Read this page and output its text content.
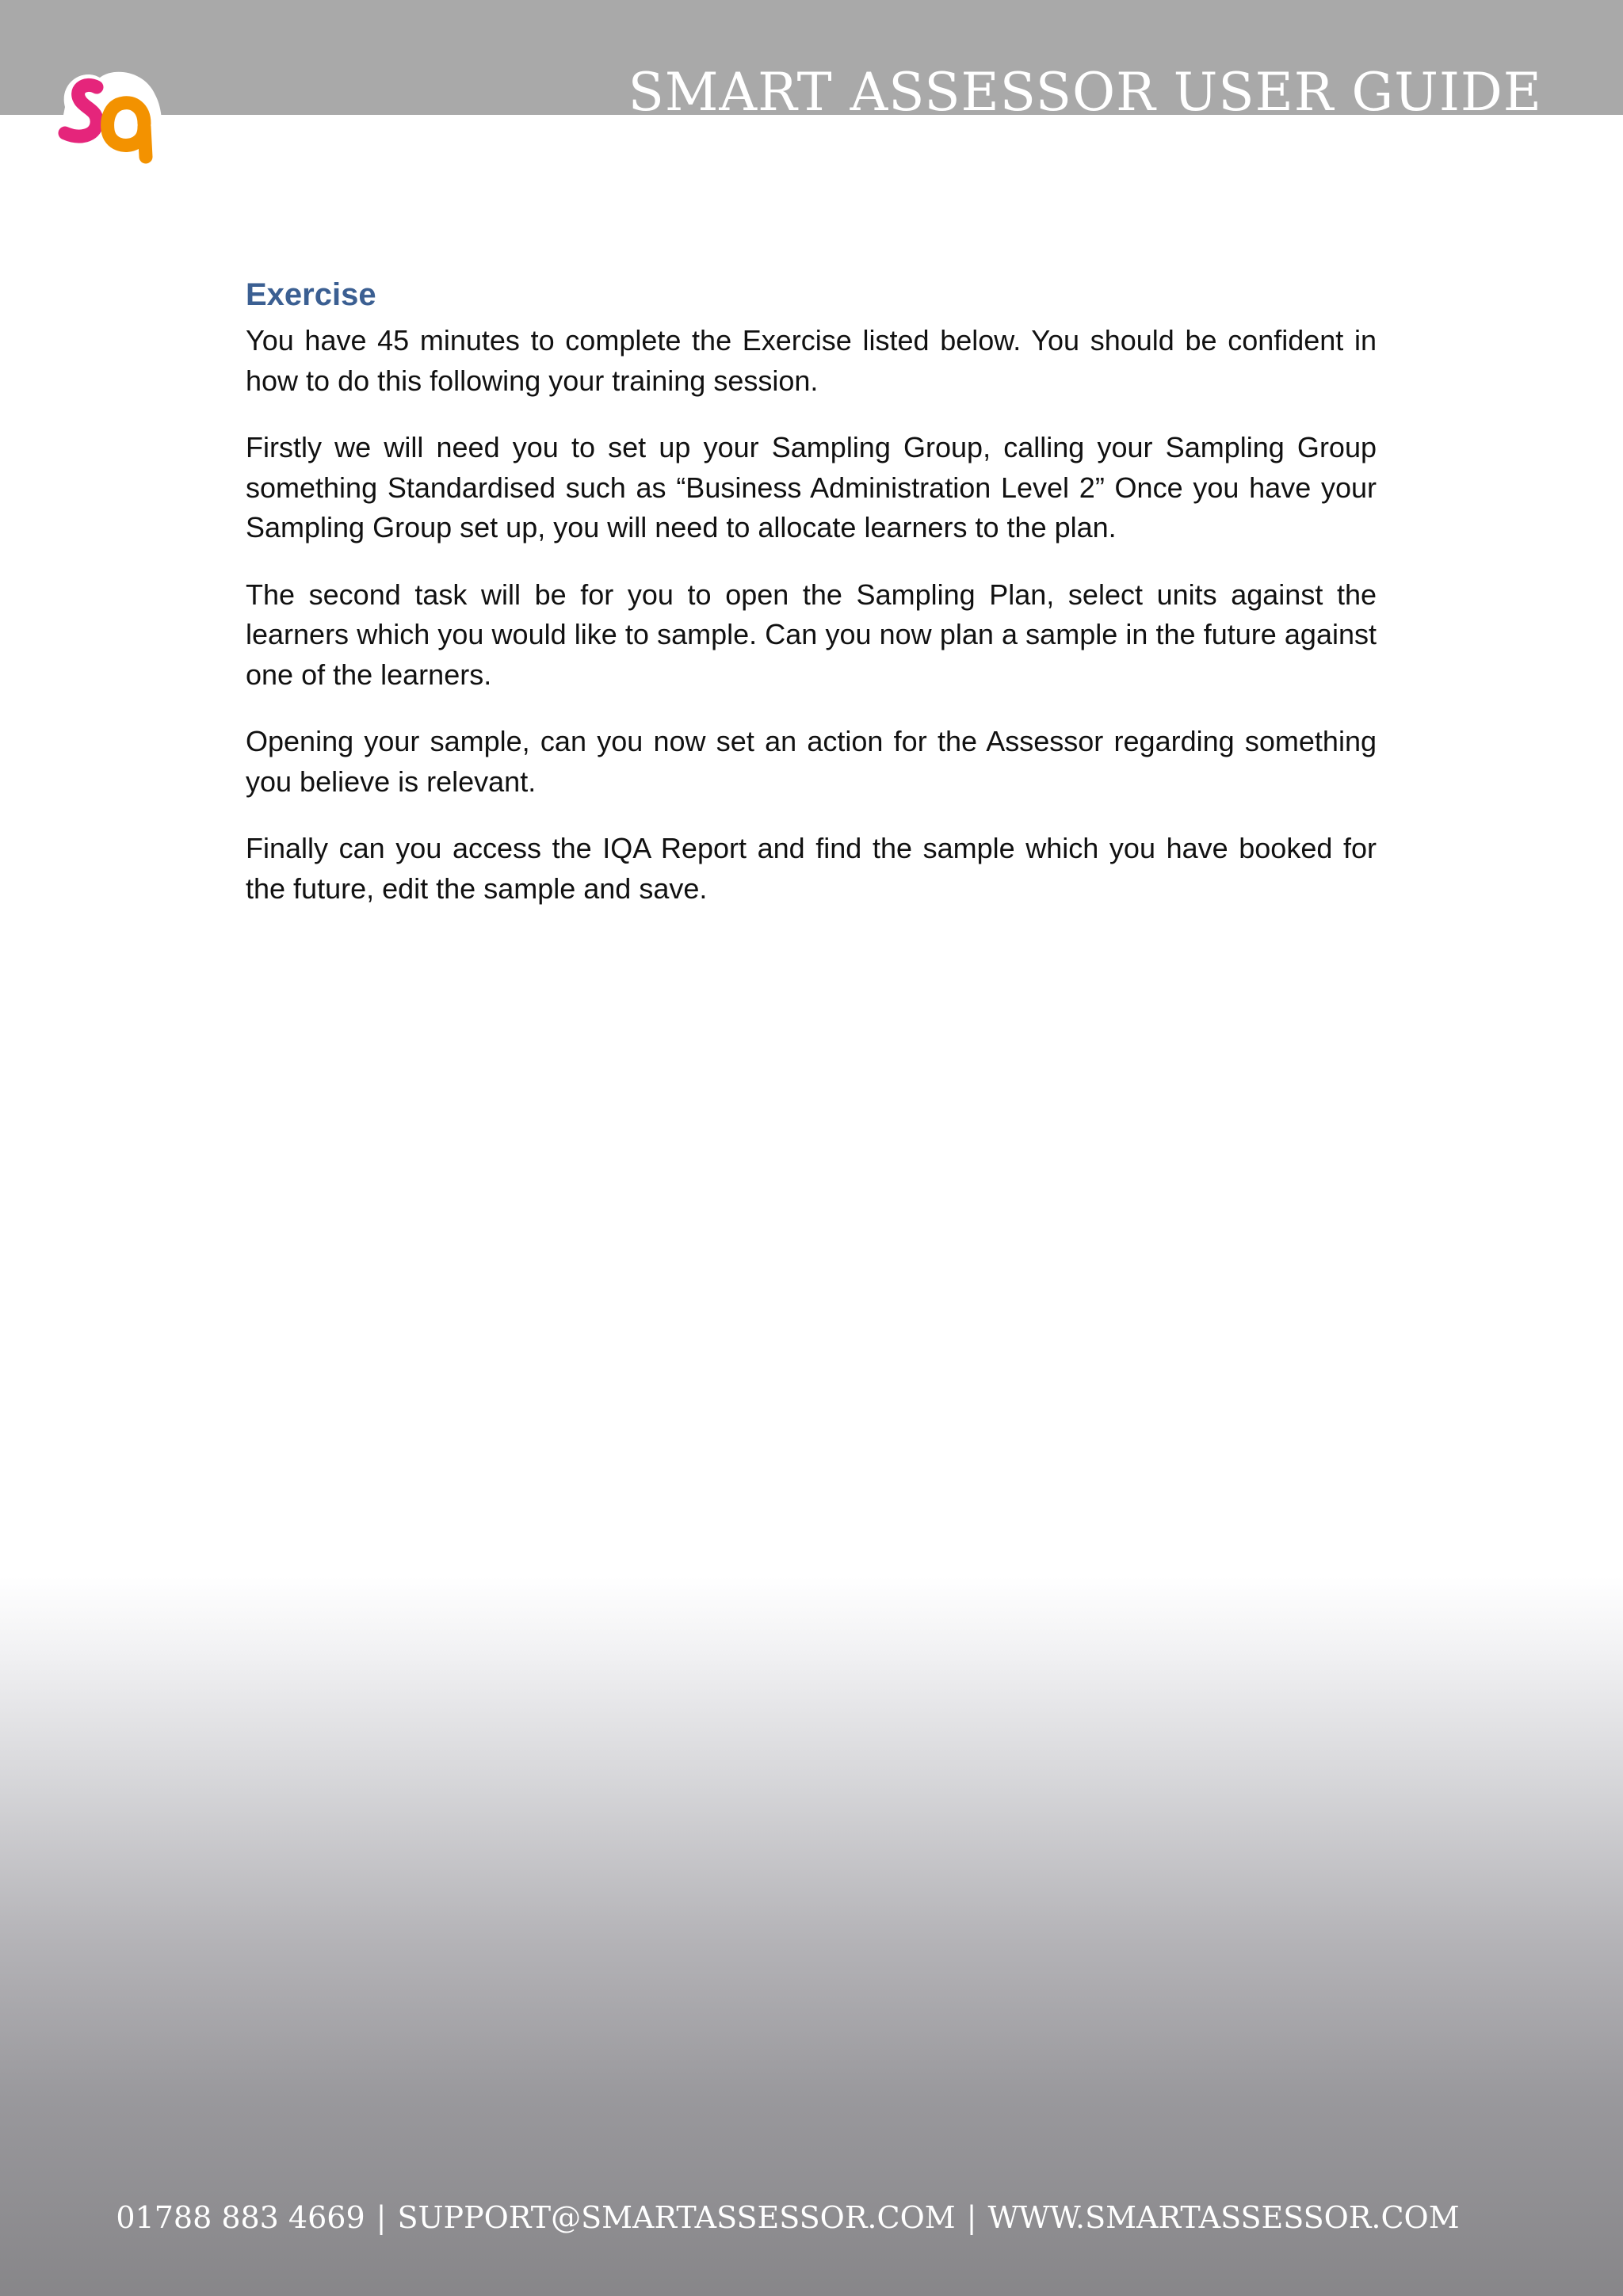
SMART ASSESSOR USER GUIDE
Exercise

You have 45 minutes to complete the Exercise listed below. You should be confident in how to do this following your training session.

Firstly we will need you to set up your Sampling Group, calling your Sampling Group something Standardised such as “Business Administration Level 2” Once you have your Sampling Group set up, you will need to allocate learners to the plan.

The second task will be for you to open the Sampling Plan, select units against the learners which you would like to sample. Can you now plan a sample in the future against one of the learners.

Opening your sample, can you now set an action for the Assessor regarding something you believe is relevant.

Finally can you access the IQA Report and find the sample which you have booked for the future, edit the sample and save.

01788 883 4669 | SUPPORT@SMARTASSESSOR.COM | WWW.SMARTASSESSOR.COM
